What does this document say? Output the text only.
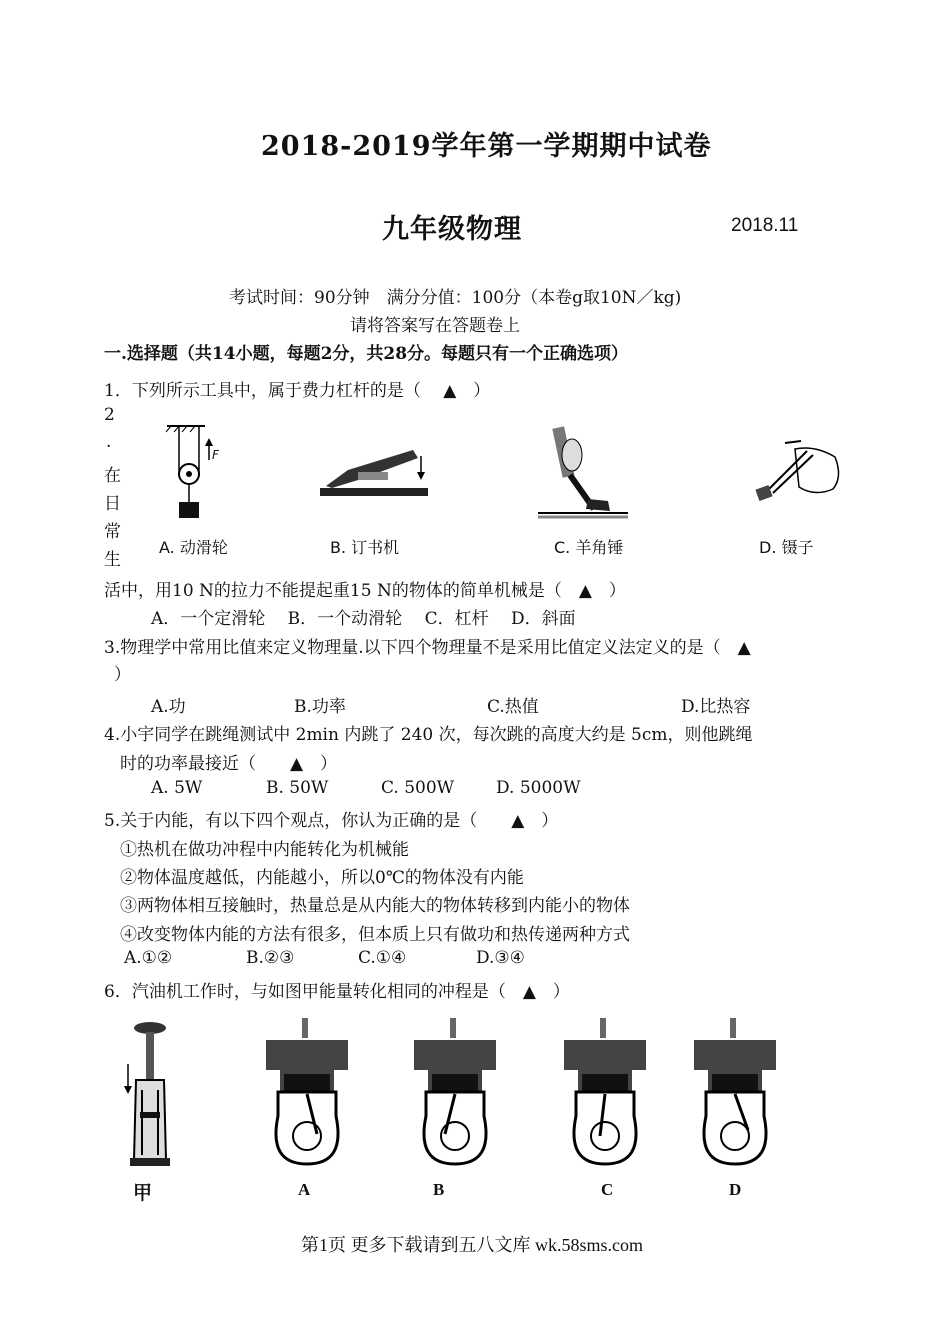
2018-2019学年第一学期期中试卷
九年级物理	2018.11
考试时间：90分钟　满分分值：100分（本卷g取10N／kg)
请将答案写在答题卷上
一.选择题（共14小题，每题2分，共28分。每题只有一个正确选项）
1．下列所示工具中，属于费力杠杆的是（　 ▲　）
2
.
在
日
常
生
F
A. 动滑轮	B. 订书机	C. 羊角锤	D. 镊子
活中，用10 N的拉力不能提起重15 N的物体的简单机械是（　▲　）
A．一个定滑轮　 B．一个动滑轮　 C．杠杆　 D．斜面
3.物理学中常用比值来定义物理量.以下四个物理量不是采用比值定义法定义的是（　▲
）
A.功	B.功率	C.热值	D.比热容
4.小宇同学在跳绳测试中 2min 内跳了 240 次，每次跳的高度大约是 5cm，则他跳绳
时的功率最接近（　　▲　）
A. 5W	B. 50W	C. 500W D. 5000W
5.关于内能，有以下四个观点，你认为正确的是（　　▲　）
①热机在做功冲程中内能转化为机械能
②物体温度越低，内能越小，所以0℃的物体没有内能
③两物体相互接触时，热量总是从内能大的物体转移到内能小的物体
④改变物体内能的方法有很多，但本质上只有做功和热传递两种方式
A.①②	B.②③	C.①④	D.③④
6．汽油机工作时，与如图甲能量转化相同的冲程是（　▲　）
甲	A	B	C	D
第1页 更多下载请到五八文库 wk.58sms.com
